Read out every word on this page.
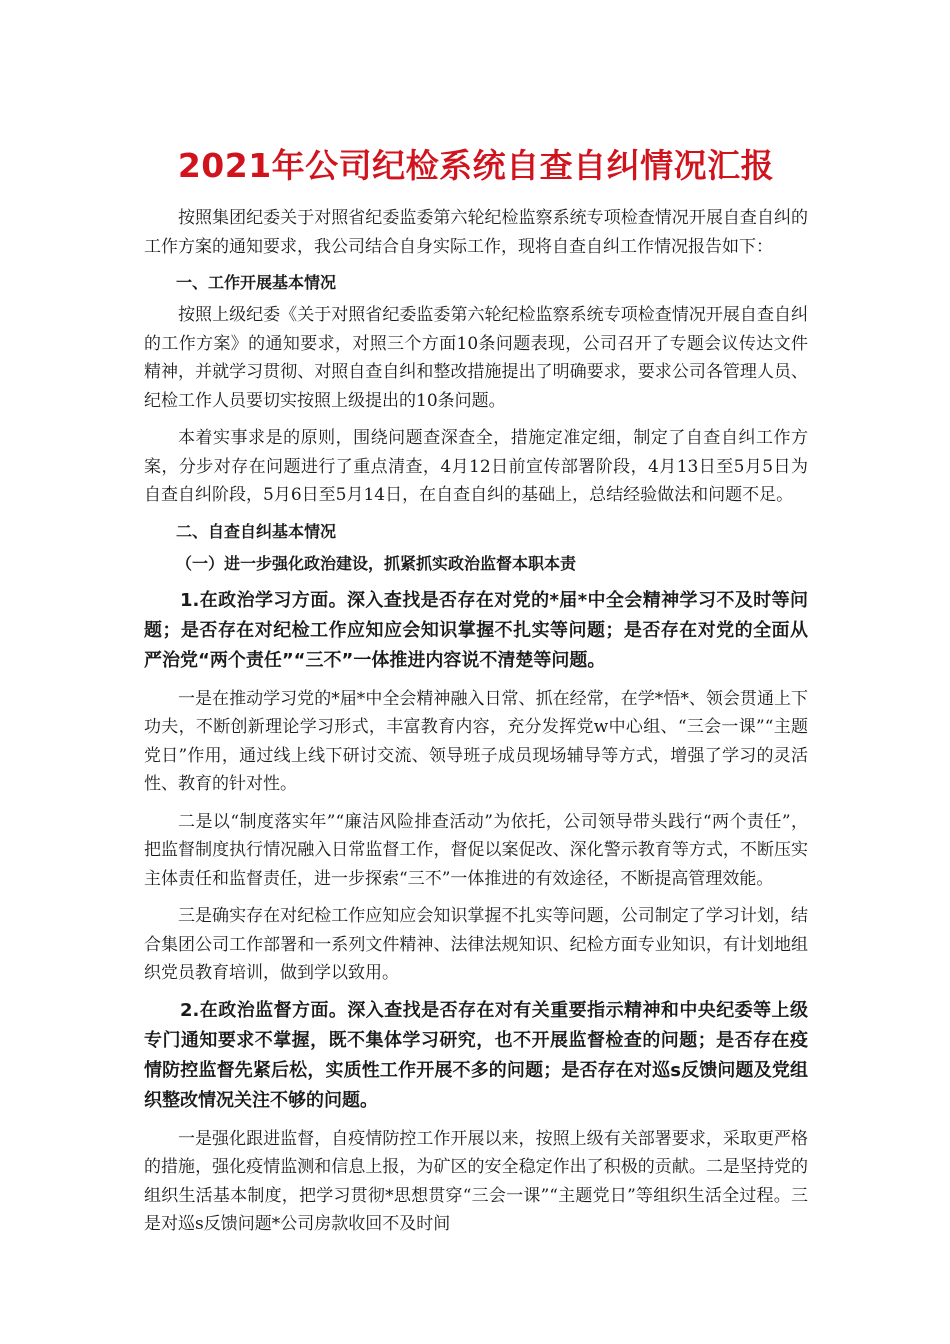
2021年公司纪检系统自查自纠情况汇报

按照集团纪委关于对照省纪委监委第六轮纪检监察系统专项检查情况开展自查自纠的工作方案的通知要求，我公司结合自身实际工作，现将自查自纠工作情况报告如下：

一、工作开展基本情况

按照上级纪委《关于对照省纪委监委第六轮纪检监察系统专项检查情况开展自查自纠的工作方案》的通知要求，对照三个方面10条问题表现，公司召开了专题会议传达文件精神，并就学习贯彻、对照自查自纠和整改措施提出了明确要求，要求公司各管理人员、纪检工作人员要切实按照上级提出的10条问题。

本着实事求是的原则，围绕问题查深查全，措施定准定细，制定了自查自纠工作方案，分步对存在问题进行了重点清查，4月12日前宣传部署阶段，4月13日至5月5日为自查自纠阶段，5月6日至5月14日，在自查自纠的基础上，总结经验做法和问题不足。

二、自查自纠基本情况

（一）进一步强化政治建设，抓紧抓实政治监督本职本责

1.在政治学习方面。深入查找是否存在对党的*届*中全会精神学习不及时等问题；是否存在对纪检工作应知应会知识掌握不扎实等问题；是否存在对党的全面从严治党“两个责任”“三不”一体推进内容说不清楚等问题。

一是在推动学习党的*届*中全会精神融入日常、抓在经常，在学*悟*、领会贯通上下功夫，不断创新理论学习形式，丰富教育内容，充分发挥党w中心组、“三会一课”“主题党日”作用，通过线上线下研讨交流、领导班子成员现场辅导等方式，增强了学习的灵活性、教育的针对性。

二是以“制度落实年”“廉洁风险排查活动”为依托，公司领导带头践行“两个责任”，把监督制度执行情况融入日常监督工作，督促以案促改、深化警示教育等方式，不断压实主体责任和监督责任，进一步探索“三不”一体推进的有效途径，不断提高管理效能。

三是确实存在对纪检工作应知应会知识掌握不扎实等问题，公司制定了学习计划，结合集团公司工作部署和一系列文件精神、法律法规知识、纪检方面专业知识，有计划地组织党员教育培训，做到学以致用。

2.在政治监督方面。深入查找是否存在对有关重要指示精神和中央纪委等上级专门通知要求不掌握，既不集体学习研究，也不开展监督检查的问题；是否存在疫情防控监督先紧后松，实质性工作开展不多的问题；是否存在对巡s反馈问题及党组织整改情况关注不够的问题。

一是强化跟进监督，自疫情防控工作开展以来，按照上级有关部署要求，采取更严格的措施，强化疫情监测和信息上报，为矿区的安全稳定作出了积极的贡献。二是坚持党的组织生活基本制度，把学习贯彻*思想贯穿“三会一课”“主题党日”等组织生活全过程。三是对巡s反馈问题*公司房款收回不及时间
